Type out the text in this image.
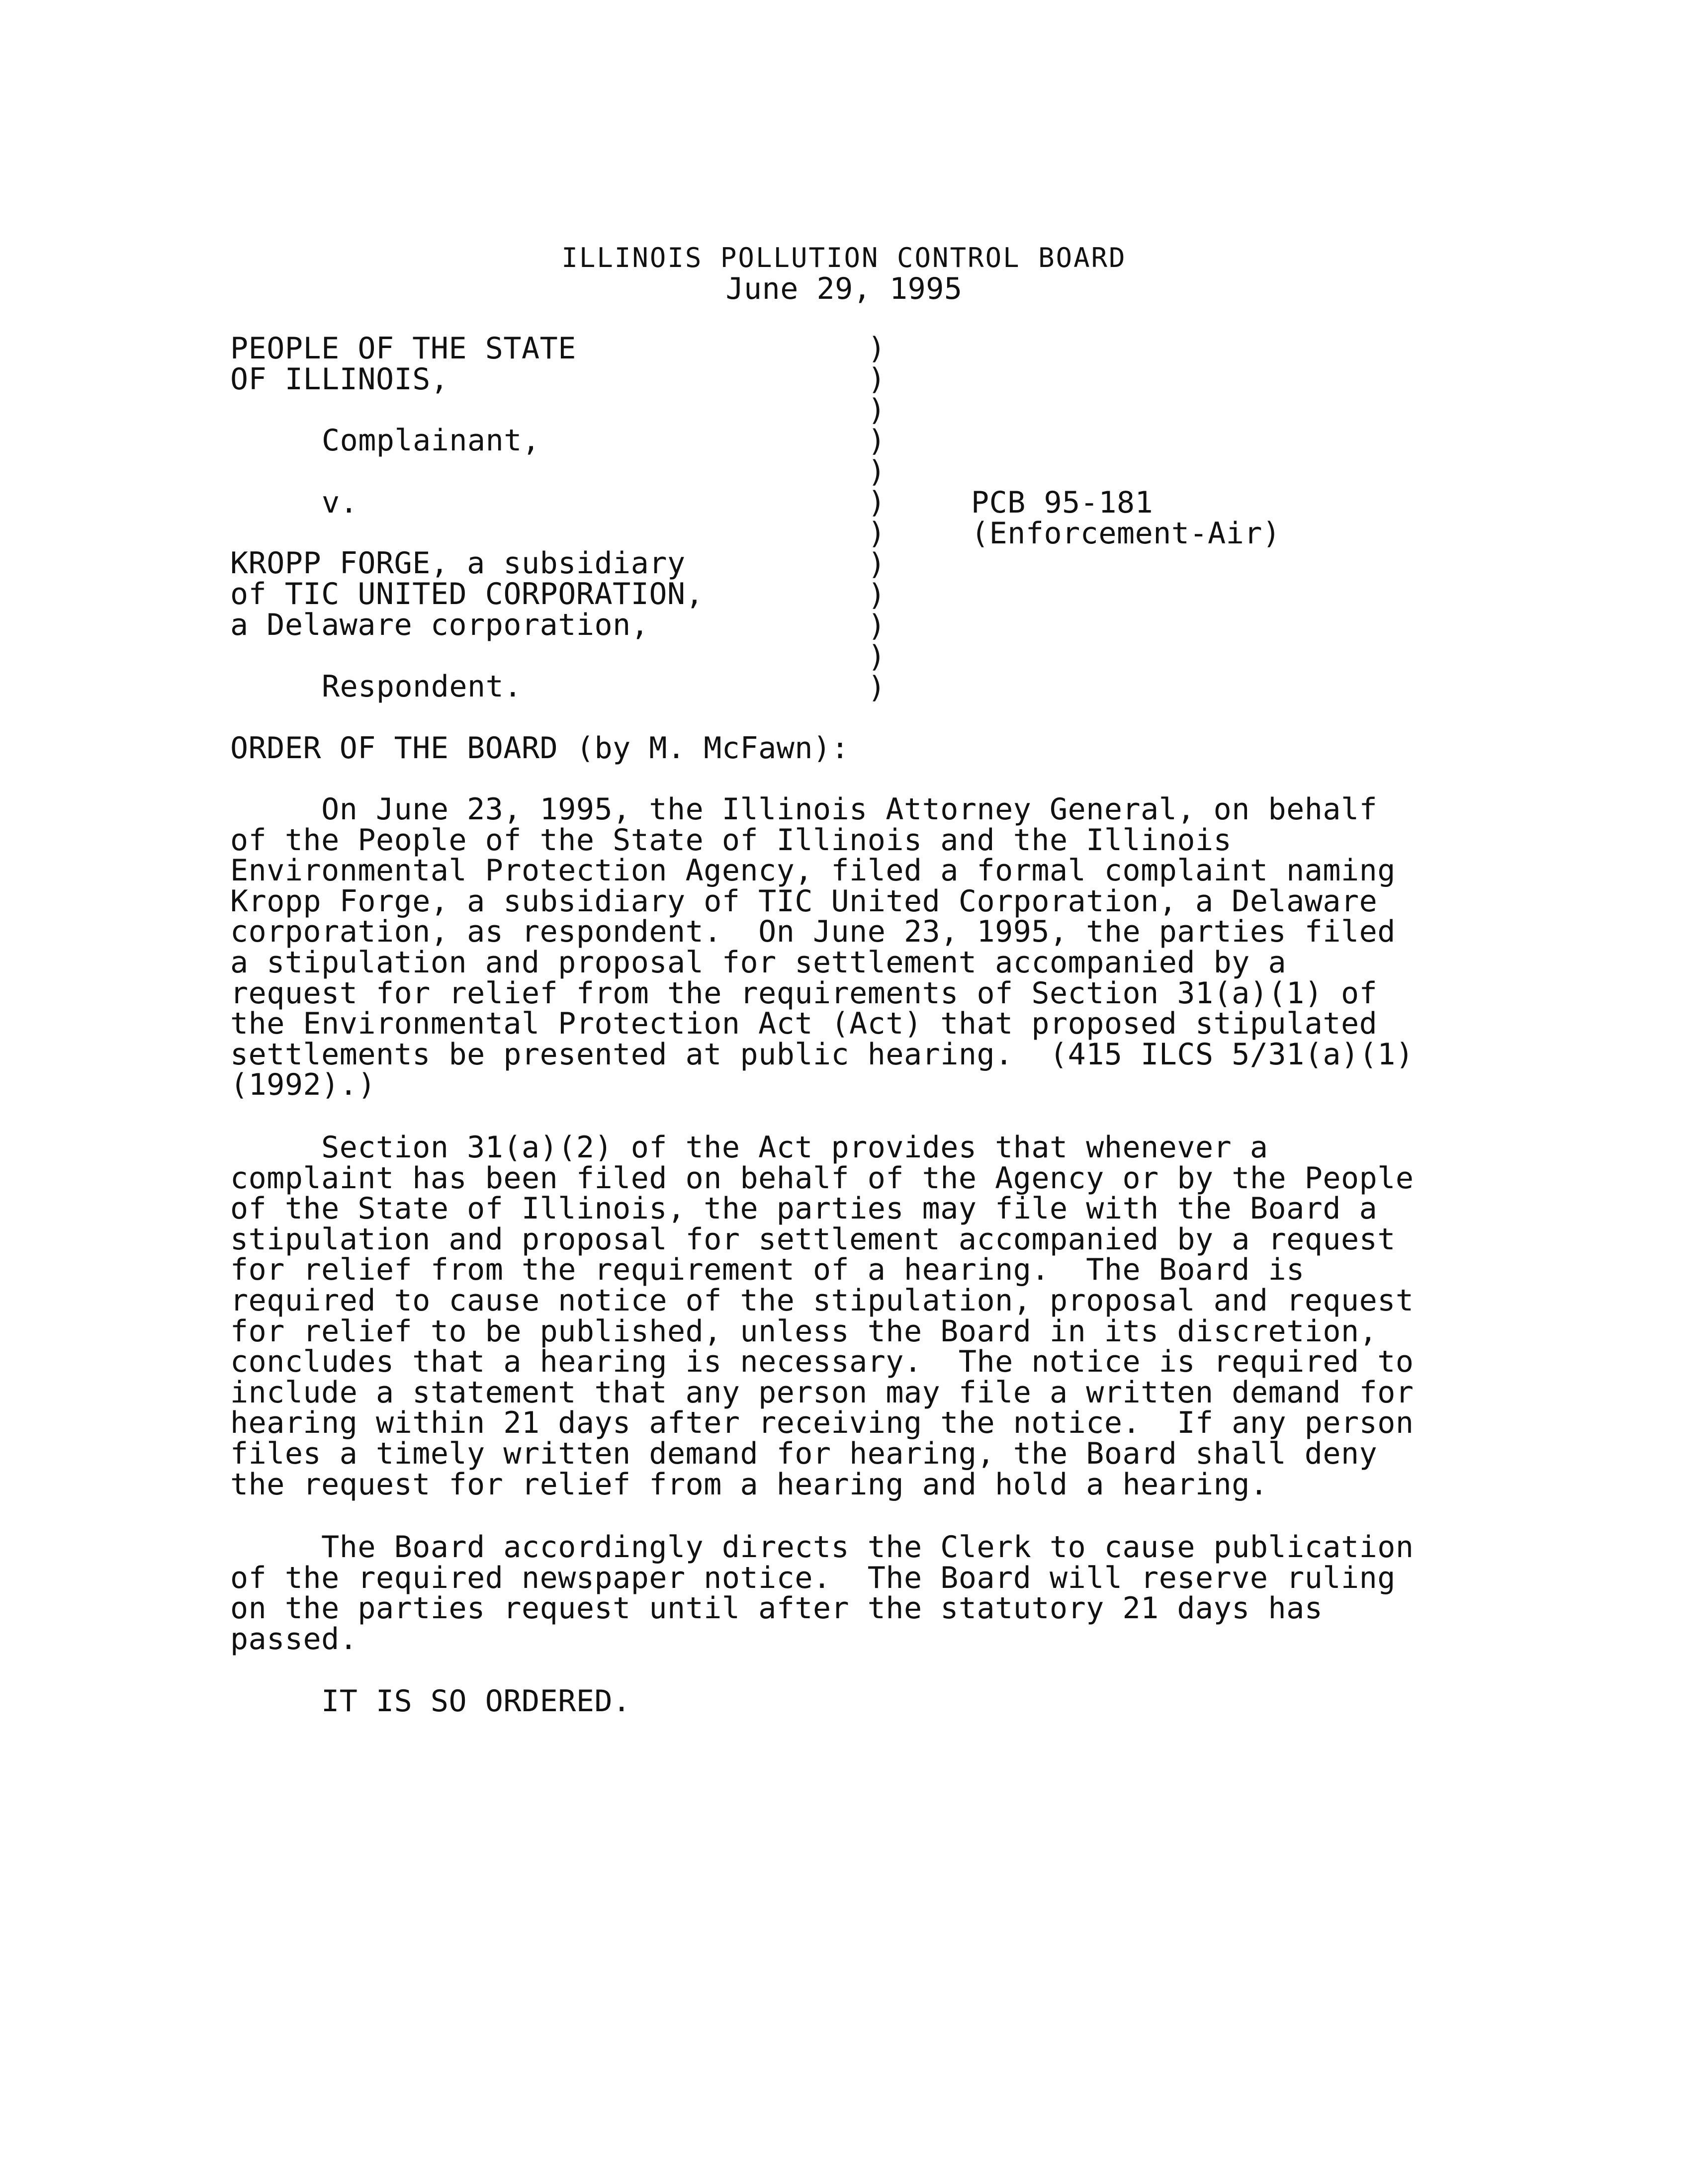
ILLINOIS POLLUTION CONTROL BOARD
June 29, 1995
PEOPLE OF THE STATE
OF ILLINOIS,
Complainant,
v.
KROPP FORGE, a subsidiary
of TIC UNITED CORPORATION,
a Delaware corporation,
Respondent.
)
)
)
)
)
)
)
)
)
)
)
)
PCB 95-181
(Enforcement-Air)
ORDER OF THE BOARD (by M. McFawn):
On June 23, 1995, the Illinois Attorney General, on behalf
of the People of the State of Illinois and the Illinois
Environmental Protection Agency, filed a formal complaint naming
Kropp Forge, a subsidiary of TIC United Corporation, a Delaware
corporation, as respondent.  On June 23, 1995, the parties filed
a stipulation and proposal for settlement accompanied by a
request for relief from the requirements of Section 31(a)(1) of
the Environmental Protection Act (Act) that proposed stipulated
settlements be presented at public hearing.  (415 ILCS 5/31(a)(1)
(1992).)
Section 31(a)(2) of the Act provides that whenever a
complaint has been filed on behalf of the Agency or by the People
of the State of Illinois, the parties may file with the Board a
stipulation and proposal for settlement accompanied by a request
for relief from the requirement of a hearing.  The Board is
required to cause notice of the stipulation, proposal and request
for relief to be published, unless the Board in its discretion,
concludes that a hearing is necessary.  The notice is required to
include a statement that any person may file a written demand for
hearing within 21 days after receiving the notice.  If any person
files a timely written demand for hearing, the Board shall deny
the request for relief from a hearing and hold a hearing.
The Board accordingly directs the Clerk to cause publication
of the required newspaper notice.  The Board will reserve ruling
on the parties request until after the statutory 21 days has
passed.
IT IS SO ORDERED.
